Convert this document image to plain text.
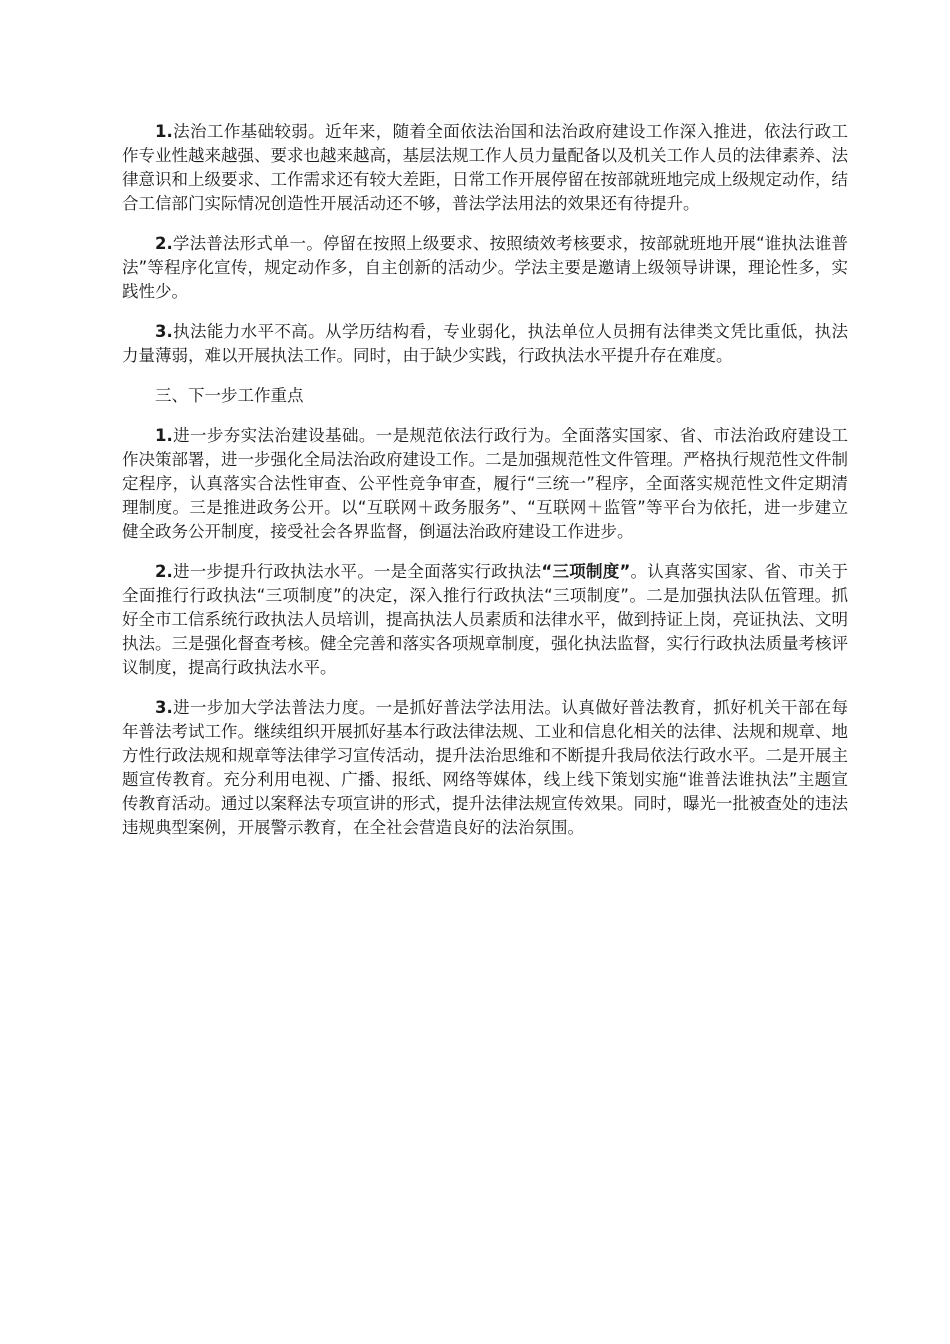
1.法治工作基础较弱。近年来，随着全面依法治国和法治政府建设工作深入推进，依法行政工作专业性越来越强、要求也越来越高，基层法规工作人员力量配备以及机关工作人员的法律素养、法律意识和上级要求、工作需求还有较大差距，日常工作开展停留在按部就班地完成上级规定动作，结合工信部门实际情况创造性开展活动还不够，普法学法用法的效果还有待提升。

2.学法普法形式单一。停留在按照上级要求、按照绩效考核要求，按部就班地开展“谁执法谁普法”等程序化宣传，规定动作多，自主创新的活动少。学法主要是邀请上级领导讲课，理论性多，实践性少。

3.执法能力水平不高。从学历结构看，专业弱化，执法单位人员拥有法律类文凭比重低，执法力量薄弱，难以开展执法工作。同时，由于缺少实践，行政执法水平提升存在难度。

三、下一步工作重点

1.进一步夯实法治建设基础。一是规范依法行政行为。全面落实国家、省、市法治政府建设工作决策部署，进一步强化全局法治政府建设工作。二是加强规范性文件管理。严格执行规范性文件制定程序，认真落实合法性审查、公平性竞争审查，履行“三统一”程序，全面落实规范性文件定期清理制度。三是推进政务公开。以“互联网＋政务服务”、“互联网＋监管”等平台为依托，进一步建立健全政务公开制度，接受社会各界监督，倒逼法治政府建设工作进步。

2.进一步提升行政执法水平。一是全面落实行政执法“三项制度”。认真落实国家、省、市关于全面推行行政执法“三项制度”的决定，深入推行行政执法“三项制度”。二是加强执法队伍管理。抓好全市工信系统行政执法人员培训，提高执法人员素质和法律水平，做到持证上岗，亮证执法、文明执法。三是强化督查考核。健全完善和落实各项规章制度，强化执法监督，实行行政执法质量考核评议制度，提高行政执法水平。

3.进一步加大学法普法力度。一是抓好普法学法用法。认真做好普法教育，抓好机关干部在每年普法考试工作。继续组织开展抓好基本行政法律法规、工业和信息化相关的法律、法规和规章、地方性行政法规和规章等法律学习宣传活动，提升法治思维和不断提升我局依法行政水平。二是开展主题宣传教育。充分利用电视、广播、报纸、网络等媒体，线上线下策划实施“谁普法谁执法”主题宣传教育活动。通过以案释法专项宣讲的形式，提升法律法规宣传效果。同时，曝光一批被查处的违法违规典型案例，开展警示教育，在全社会营造良好的法治氛围。
